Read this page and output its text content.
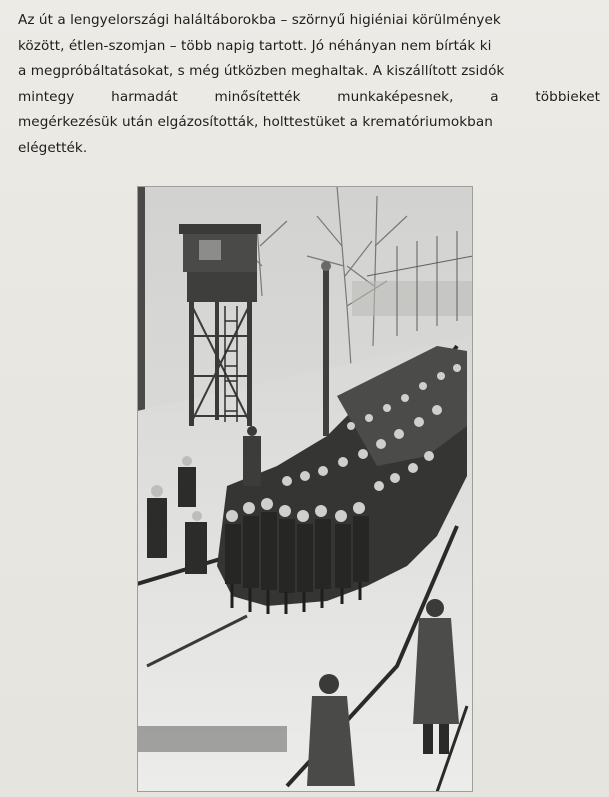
Az út a lengyelországi haláltáborokba – szörnyű higiéniai körülmények
között, étlen-szomjan – több napig tartott. Jó néhányan nem bírták ki
a megpróbáltatásokat, s még útközben meghaltak. A kiszállított zsidók
mintegy harmadát minősítették munkaképesnek, a többieket
megérkezésük után elgázosították, holttestüket a krematóriumokban
elégették.
